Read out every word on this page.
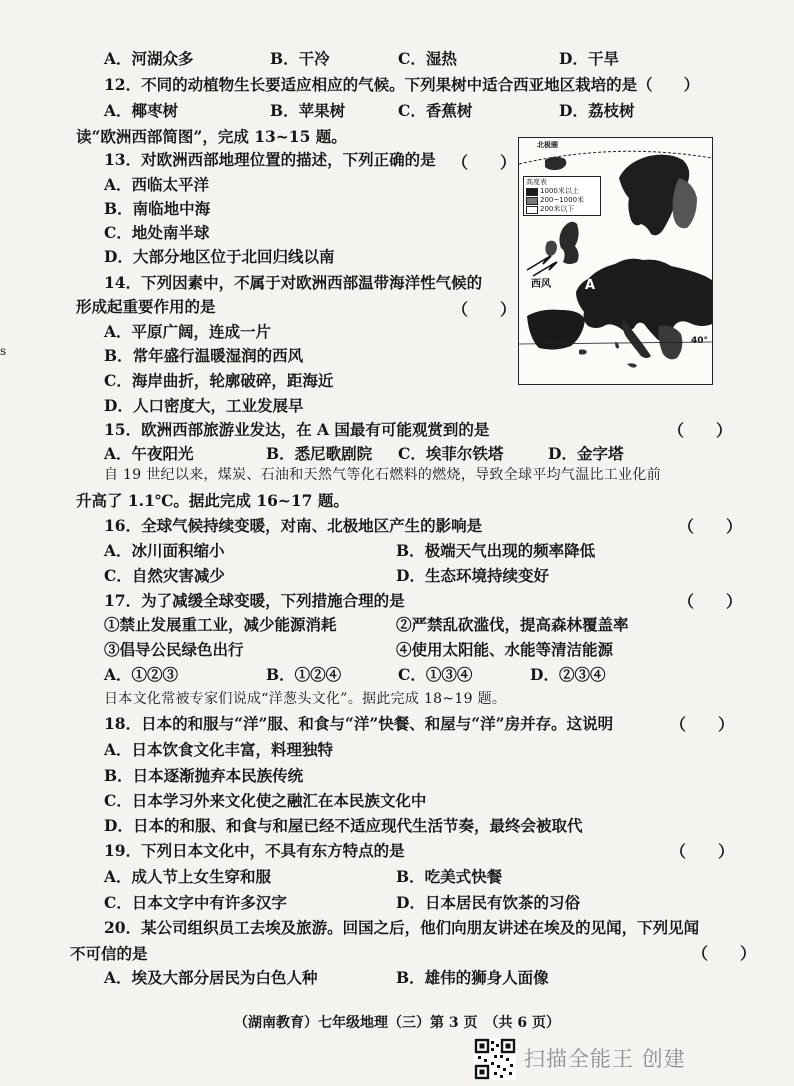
A．河湖众多	B．干冷	C．湿热	D．干旱
12．不同的动植物生长要适应相应的气候。下列果树中适合西亚地区栽培的是（　　）
A．椰枣树	B．苹果树	C．香蕉树	D．荔枝树
读“欧洲西部简图”，完成 13~15 题。
13．对欧洲西部地理位置的描述，下列正确的是 （　　）
A．西临太平洋
B．南临地中海
C．地处南半球
D．大部分地区位于北回归线以南
14．下列因素中，不属于对欧洲西部温带海洋性气候的
形成起重要作用的是	（　　）
A．平原广阔，连成一片
B．常年盛行温暖湿润的西风
C．海岸曲折，轮廓破碎，距海近
D．人口密度大，工业发展早
15．欧洲西部旅游业发达，在 A 国最有可能观赏到的是	（　　）
A．午夜阳光	B．悉尼歌剧院 C．埃菲尔铁塔	D．金字塔
自 19 世纪以来，煤炭、石油和天然气等化石燃料的燃烧，导致全球平均气温比工业化前
升高了 1.1℃。据此完成 16~17 题。
16．全球气候持续变暖，对南、北极地区产生的影响是	（　　）
A．冰川面积缩小	B．极端天气出现的频率降低
C．自然灾害减少	D．生态环境持续变好
17．为了减缓全球变暖，下列措施合理的是	（　　）
①禁止发展重工业，减少能源消耗	②严禁乱砍滥伐，提高森林覆盖率
③倡导公民绿色出行	④使用太阳能、水能等清洁能源
A．①②③	B．①②④	C．①③④	D．②③④
日本文化常被专家们说成“洋葱头文化”。据此完成 18~19 题。
18．日本的和服与“洋”服、和食与“洋”快餐、和屋与“洋”房并存。这说明	（　　）
A．日本饮食文化丰富，料理独特
B．日本逐渐抛弃本民族传统
C．日本学习外来文化使之融汇在本民族文化中
D．日本的和服、和食与和屋已经不适应现代生活节奏，最终会被取代
19．下列日本文化中，不具有东方特点的是	（　　）
A．成人节上女生穿和服	B．吃美式快餐
C．日本文字中有许多汉字	D．日本居民有饮茶的习俗
20．某公司组织员工去埃及旅游。回国之后，他们向朋友讲述在埃及的见闻，下列见闻
（　　）
不可信的是
A．埃及大部分居民为白色人种	B．雄伟的狮身人面像
高度表
1000米以上
200~1000米
200米以下
北极圈
西风	A
40°
s
（湖南教育）七年级地理（三）第 3 页　（共 6 页）
扫描全能王 创建
